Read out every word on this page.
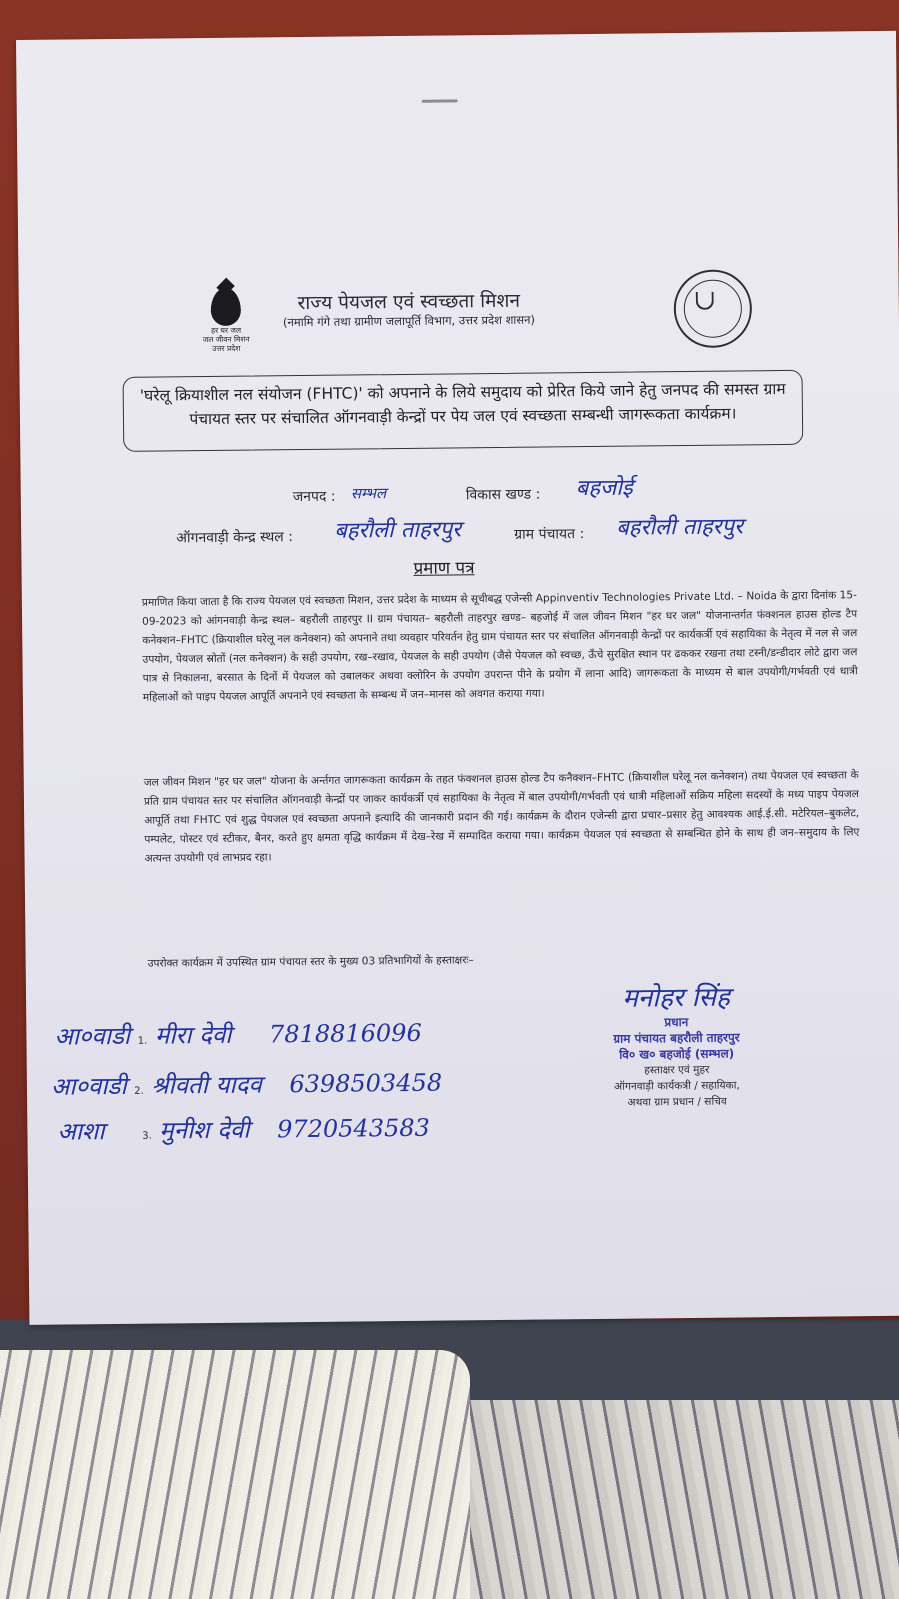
हर घर जल
जल जीवन मिशन
उत्तर प्रदेश
राज्य पेयजल एवं स्वच्छता मिशन
(नमामि गंगे तथा ग्रामीण जलापूर्ति विभाग, उत्तर प्रदेश शासन)
'घरेलू क्रियाशील नल संयोजन (FHTC)' को अपनाने के लिये समुदाय को प्रेरित किये जाने हेतु जनपद की समस्त ग्राम पंचायत स्तर पर संचालित ऑगनवाड़ी केन्द्रों पर पेय जल एवं स्वच्छता सम्बन्धी जागरूकता कार्यक्रम।
जनपद : सम्भल	विकास खण्ड : बहजोई
ऑगनवाड़ी केन्द्र स्थल : बहरौली ताहरपुर	ग्राम पंचायत : बहरौली ताहरपुर
प्रमाण पत्र
प्रमाणित किया जाता है कि राज्य पेयजल एवं स्वच्छता मिशन, उत्तर प्रदेश के माध्यम से सूचीबद्ध एजेन्सी Appinventiv Technologies Private Ltd. – Noida के द्वारा दिनांक 15-09-2023 को आंगनवाड़ी केन्द्र स्थल– बहरौली ताहरपुर II ग्राम पंचायत– बहरौली ताहरपुर खण्ड– बहजोई में जल जीवन मिशन "हर घर जल" योजनान्तर्गत फंक्शनल हाउस होल्ड टैप कनेक्शन–FHTC (क्रियाशील घरेलू नल कनेक्शन) को अपनाने तथा व्यवहार परिवर्तन हेतु ग्राम पंचायत स्तर पर संचालित ऑगनवाड़ी केन्द्रों पर कार्यकर्त्री एवं सहायिका के नेतृत्व में नल से जल उपयोग, पेयजल स्रोतों (नल कनेक्शन) के सही उपयोग, रख–रखाव, पेयजल के सही उपयोग (जैसे पेयजल को स्वच्छ, ऊँचे सुरक्षित स्थान पर ढककर रखना तथा टस्नी/डन्डीदार लोटे द्वारा जल पात्र से निकालना, बरसात के दिनों में पेयजल को उबालकर अथवा क्लोरिन के उपयोग उपरान्त पीने के प्रयोग में लाना आदि) जागरूकता के माध्यम से बाल उपयोगी/गर्भवती एवं धात्री महिलाओं को पाइप पेयजल आपूर्ति अपनाने एवं स्वच्छता के सम्बन्ध में जन–मानस को अवगत कराया गया।
जल जीवन मिशन "हर घर जल" योजना के अर्न्तगत जागरूकता कार्यक्रम के तहत फंक्शनल हाउस होल्ड टैप कनैक्शन–FHTC (क्रियाशील घरेलू नल कनेक्शन) तथा पेयजल एवं स्वच्छता के प्रति ग्राम पंचायत स्तर पर संचालित ऑगनवाड़ी केन्द्रों पर जाकर कार्यकर्त्री एवं सहायिका के नेतृत्व में बाल उपयोगी/गर्भवती एवं धात्री महिलाओं सक्रिय महिला सदस्यों के मध्य पाइप पेयजल आपूर्ति तथा FHTC एवं शुद्ध पेयजल एवं स्वच्छता अपनाने इत्यादि की जानकारी प्रदान की गई। कार्यक्रम के दौरान एजेन्सी द्वारा प्रचार–प्रसार हेतु आवश्यक आई.ई.सी. मटेरियल–बुकलेट, पम्पलेट, पोस्टर एवं स्टीकर, बैनर, करते हुए क्षमता वृद्धि कार्यक्रम में देख–रेख में सम्पादित कराया गया। कार्यक्रम पेयजल एवं स्वच्छता से सम्बन्धित होने के साथ ही जन–समुदाय के लिए अत्यन्त उपयोगी एवं लाभप्रद रहा।
उपरोक्त कार्यक्रम में उपस्थित ग्राम पंचायत स्तर के मुख्य 03 प्रतिभागियों के हस्ताक्षरः–
मनोहर सिंह
प्रधान
ग्राम पंचायत बहरौली ताहरपुर
वि० ख० बहजोई (सम्भल)
हस्ताक्षर एवं मुहर
ऑगनवाड़ी कार्यकत्री / सहायिका,
अथवा ग्राम प्रधान / सचिव
आ०वाडी 1. मीरा देवी 7818816096
आ०वाडी 2. श्रीवती यादव 6398503458
आशा	3. मुनीश देवी 9720543583
